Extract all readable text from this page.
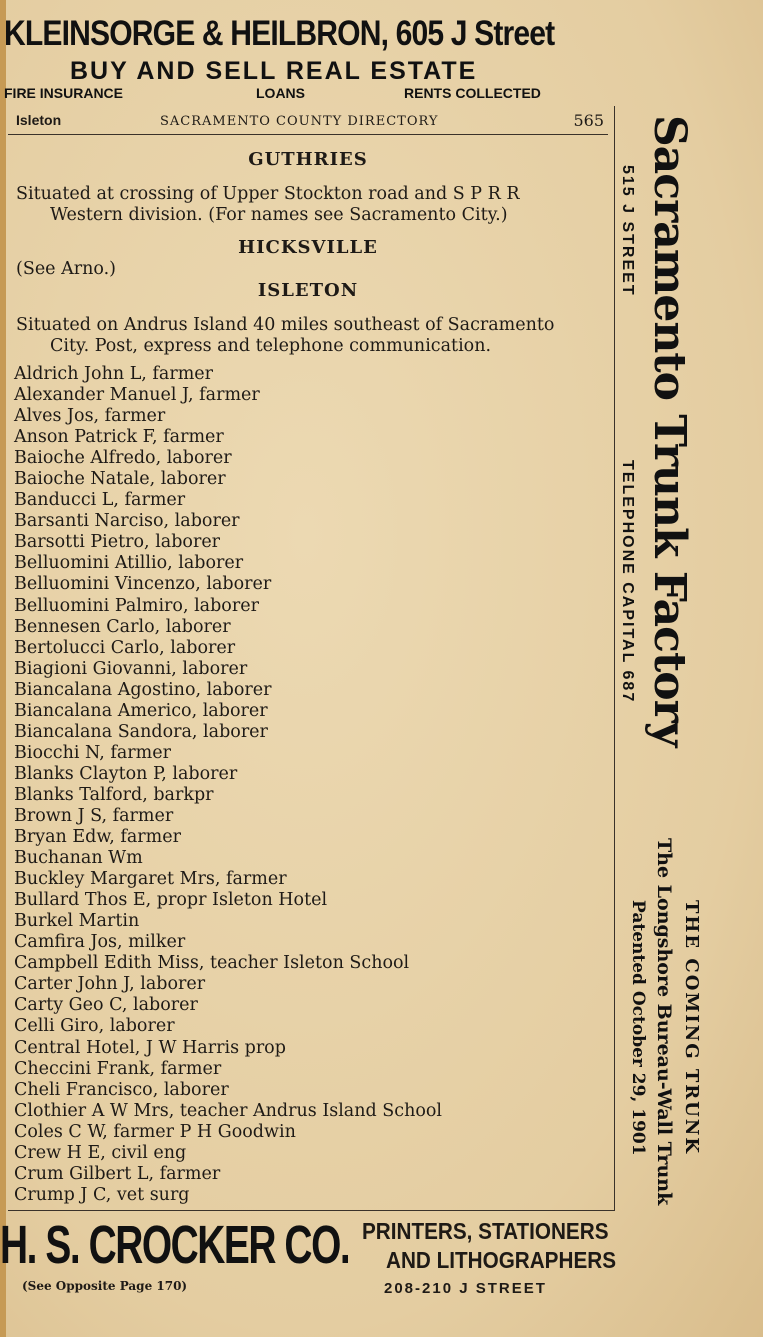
KLEINSORGE & HEILBRON, 605 J Street
BUY AND SELL REAL ESTATE
FIRE INSURANCE	LOANS	RENTS COLLECTED
Isleton	SACRAMENTO COUNTY DIRECTORY	565
GUTHRIES
Situated at crossing of Upper Stockton road and S P R R
Western division. (For names see Sacramento City.)
HICKSVILLE
(See Arno.)
ISLETON
Situated on Andrus Island 40 miles southeast of Sacramento
City. Post, express and telephone communication.
Aldrich John L, farmer
Alexander Manuel J, farmer
Alves Jos, farmer
Anson Patrick F, farmer
Baioche Alfredo, laborer
Baioche Natale, laborer
Banducci L, farmer
Barsanti Narciso, laborer
Barsotti Pietro, laborer
Belluomini Atillio, laborer
Belluomini Vincenzo, laborer
Belluomini Palmiro, laborer
Bennesen Carlo, laborer
Bertolucci Carlo, laborer
Biagioni Giovanni, laborer
Biancalana Agostino, laborer
Biancalana Americo, laborer
Biancalana Sandora, laborer
Biocchi N, farmer
Blanks Clayton P, laborer
Blanks Talford, barkpr
Brown J S, farmer
Bryan Edw, farmer
Buchanan Wm
Buckley Margaret Mrs, farmer
Bullard Thos E, propr Isleton Hotel
Burkel Martin
Camfira Jos, milker
Campbell Edith Miss, teacher Isleton School
Carter John J, laborer
Carty Geo C, laborer
Celli Giro, laborer
Central Hotel, J W Harris prop
Checcini Frank, farmer
Cheli Francisco, laborer
Clothier A W Mrs, teacher Andrus Island School
Coles C W, farmer P H Goodwin
Crew H E, civil eng
Crum Gilbert L, farmer
Crump J C, vet surg
Sacramento Trunk Factory
515 J STREET
TELEPHONE CAPITAL 687
THE COMING TRUNK
The Longshore Bureau-Wall Trunk
Patented October 29, 1901
H. S. CROCKER CO. PRINTERS, STATIONERS
AND LITHOGRAPHERS
(See Opposite Page 170)	208-210 J STREET
